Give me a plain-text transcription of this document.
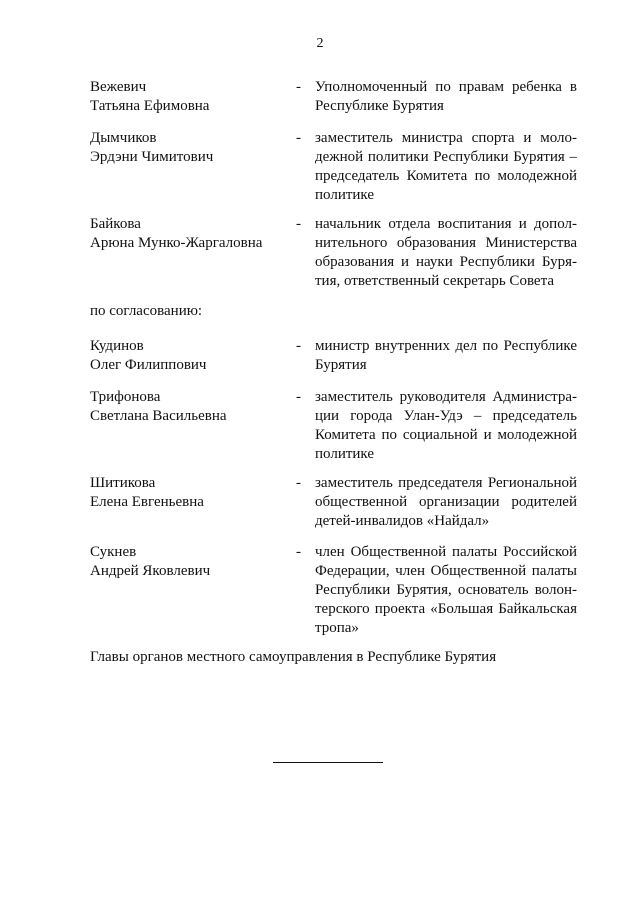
2
Вежевич
Татьяна Ефимовна
- Уполномоченный по правам ребенка в
Республике Бурятия
Дымчиков
Эрдэни Чимитович
- заместитель министра спорта и моло-
дежной политики Республики Бурятия –
председатель Комитета по молодежной
политике
Байкова
Арюна Мунко-Жаргаловна
- начальник отдела воспитания и допол-
нительного образования Министерства
образования и науки Республики Буря-
тия, ответственный секретарь Совета
по согласованию:
Кудинов
Олег Филиппович
- министр внутренних дел по Республике
Бурятия
Трифонова
Светлана Васильевна
- заместитель руководителя Администра-
ции города Улан-Удэ – председатель
Комитета по социальной и молодежной
политике
Шитикова
Елена Евгеньевна
- заместитель председателя Региональной
общественной организации родителей
детей-инвалидов «Найдал»
Сукнев
Андрей Яковлевич
- член Общественной палаты Российской
Федерации, член Общественной палаты
Республики Бурятия, основатель волон-
терского проекта «Большая Байкальская
тропа»
Главы органов местного самоуправления в Республике Бурятия
